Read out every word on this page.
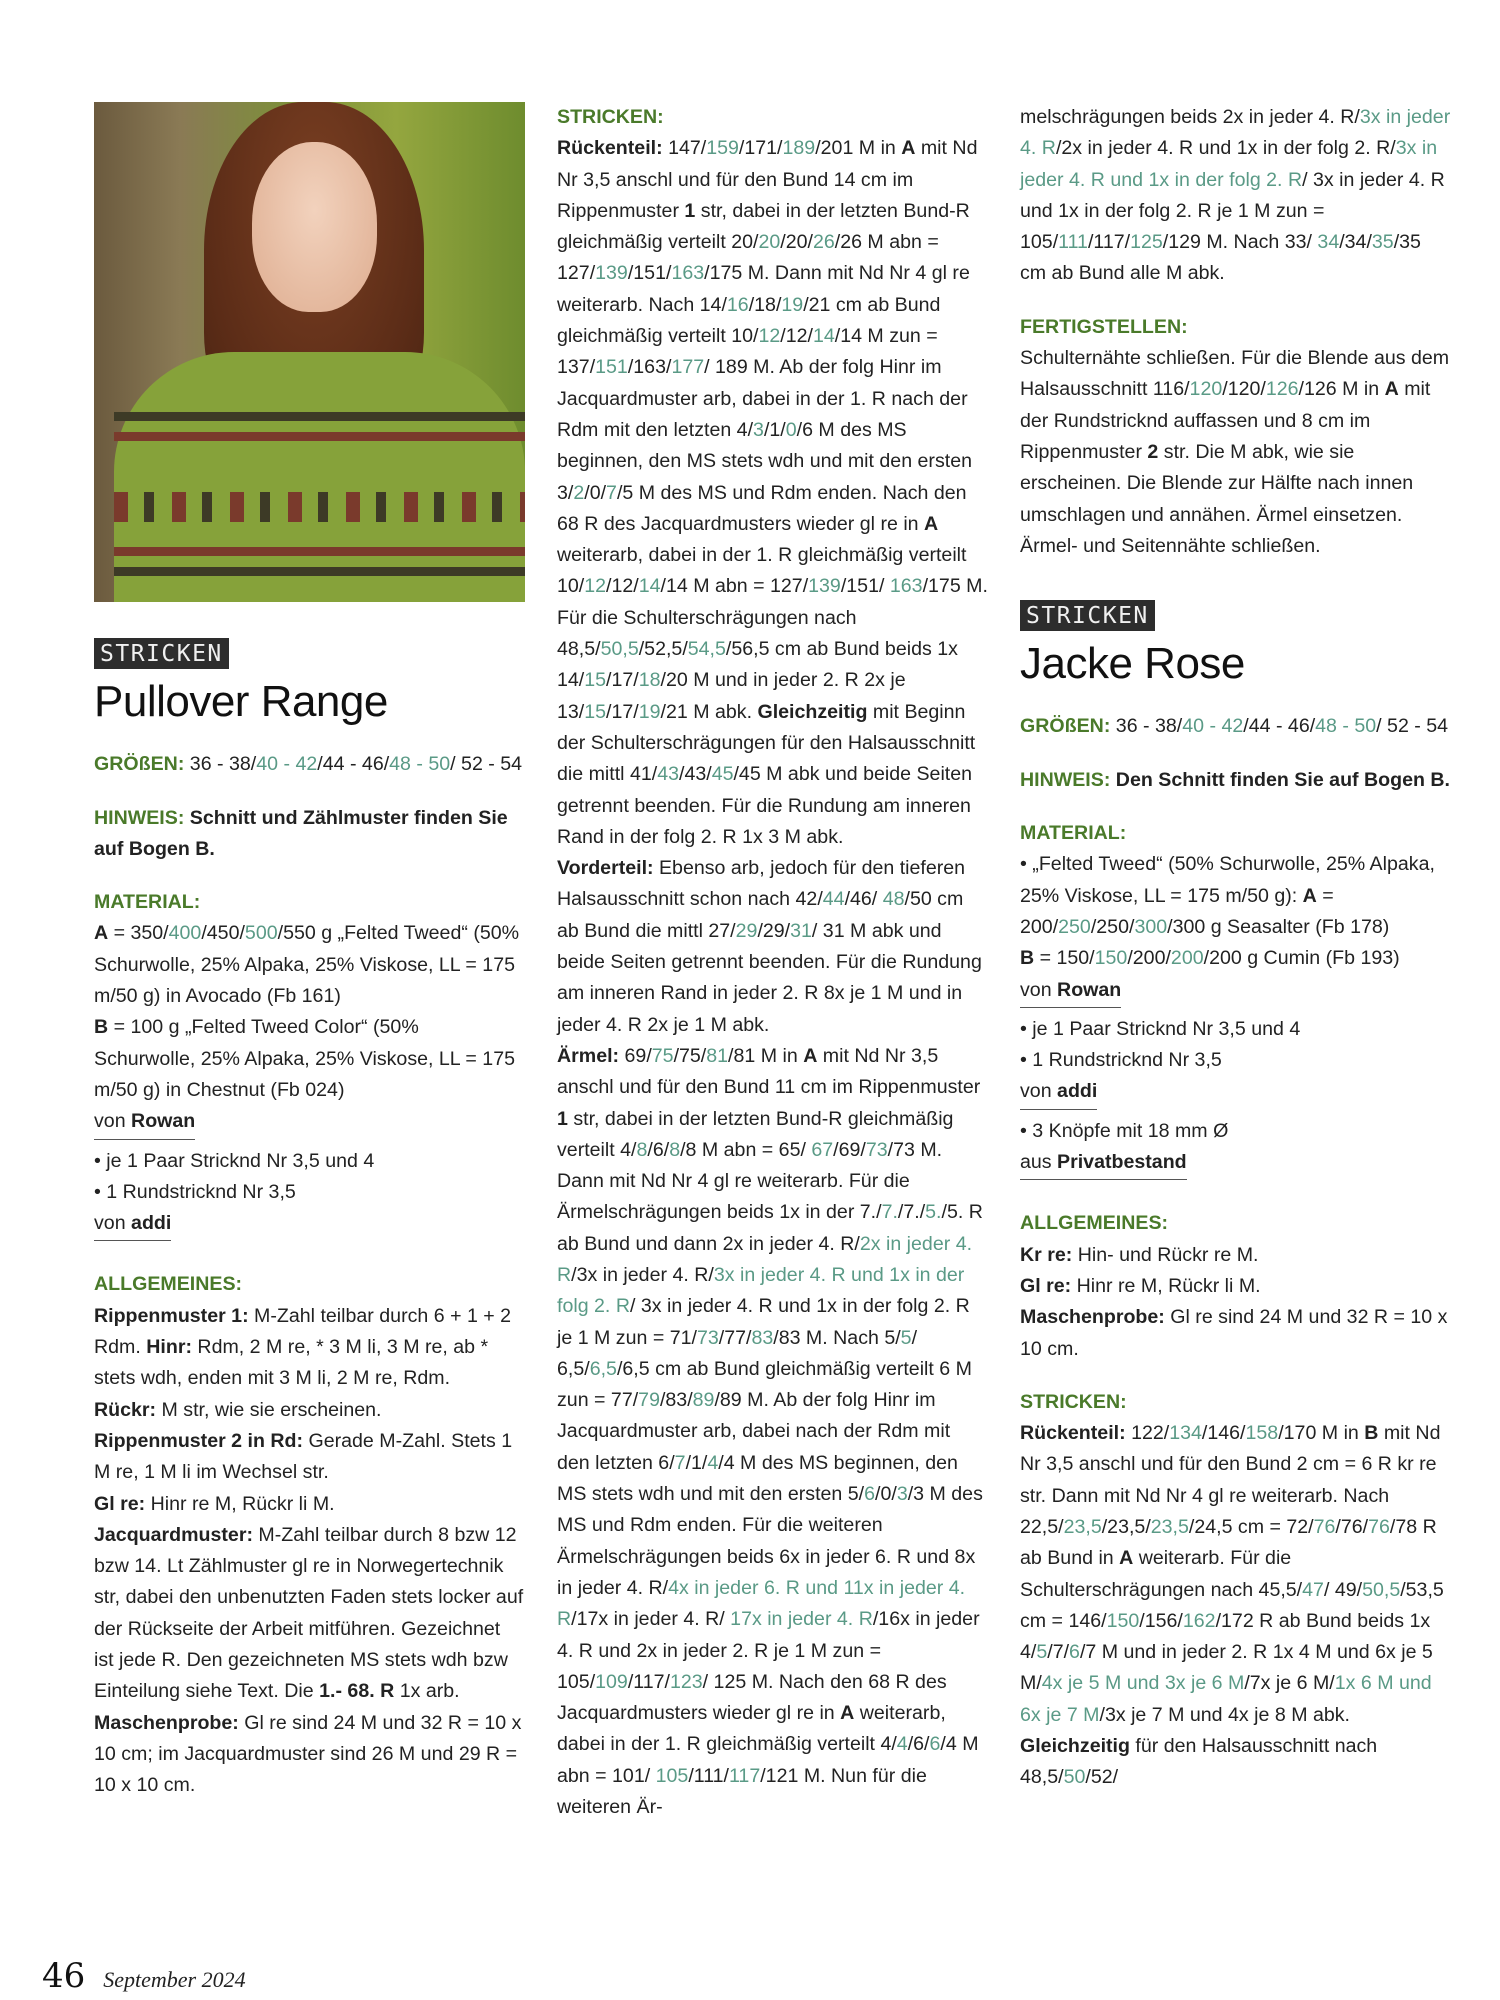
STRICKEN
Pullover Range

GRÖßEN: 36 - 38/40 - 42/44 - 46/48 - 50/ 52 - 54

HINWEIS: Schnitt und Zählmuster finden Sie auf Bogen B.

MATERIAL:

A = 350/400/450/500/550 g „Felted Tweed“ (50% Schurwolle, 25% Alpaka, 25% Viskose, LL = 175 m/50 g) in Avocado (Fb 161)

B = 100 g „Felted Tweed Color“ (50% Schurwolle, 25% Alpaka, 25% Viskose, LL = 175 m/50 g) in Chestnut (Fb 024)

von Rowan

• je 1 Paar Stricknd Nr 3,5 und 4

• 1 Rundstricknd Nr 3,5

von addi

ALLGEMEINES:

Rippenmuster 1: M-Zahl teilbar durch 6 + 1 + 2 Rdm. Hinr: Rdm, 2 M re, * 3 M li, 3 M re, ab * stets wdh, enden mit 3 M li, 2 M re, Rdm.

Rückr: M str, wie sie erscheinen.

Rippenmuster 2 in Rd: Gerade M-Zahl. Stets 1 M re, 1 M li im Wechsel str.

Gl re: Hinr re M, Rückr li M.

Jacquardmuster: M-Zahl teilbar durch 8 bzw 12 bzw 14. Lt Zählmuster gl re in Norwegertechnik str, dabei den unbenutzten Faden stets locker auf der Rückseite der Arbeit mitführen. Gezeichnet ist jede R. Den gezeichneten MS stets wdh bzw Einteilung siehe Text. Die 1.- 68. R 1x arb.

Maschenprobe: Gl re sind 24 M und 32 R = 10 x 10 cm; im Jacquardmuster sind 26 M und 29 R = 10 x 10 cm.

STRICKEN:

Rückenteil: 147/159/171/189/201 M in A mit Nd Nr 3,5 anschl und für den Bund 14 cm im Rippenmuster 1 str, dabei in der letzten Bund-R gleichmäßig verteilt 20/20/20/26/26 M abn = 127/139/151/163/175 M. Dann mit Nd Nr 4 gl re weiterarb. Nach 14/16/18/19/21 cm ab Bund gleichmäßig verteilt 10/12/12/14/14 M zun = 137/151/163/177/ 189 M. Ab der folg Hinr im Jacquardmuster arb, dabei in der 1. R nach der Rdm mit den letzten 4/3/1/0/6 M des MS beginnen, den MS stets wdh und mit den ersten 3/2/0/7/5 M des MS und Rdm enden. Nach den 68 R des Jacquardmusters wieder gl re in A weiterarb, dabei in der 1. R gleichmäßig verteilt 10/12/12/14/14 M abn = 127/139/151/ 163/175 M. Für die Schulterschrägungen nach 48,5/50,5/52,5/54,5/56,5 cm ab Bund beids 1x 14/15/17/18/20 M und in jeder 2. R 2x je 13/15/17/19/21 M abk. Gleichzeitig mit Beginn der Schulterschrägungen für den Halsausschnitt die mittl 41/43/43/45/45 M abk und beide Seiten getrennt beenden. Für die Rundung am inneren Rand in der folg 2. R 1x 3 M abk.

Vorderteil: Ebenso arb, jedoch für den tieferen Halsausschnitt schon nach 42/44/46/ 48/50 cm ab Bund die mittl 27/29/29/31/ 31 M abk und beide Seiten getrennt beenden. Für die Rundung am inneren Rand in jeder 2. R 8x je 1 M und in jeder 4. R 2x je 1 M abk.

Ärmel: 69/75/75/81/81 M in A mit Nd Nr 3,5 anschl und für den Bund 11 cm im Rippenmuster 1 str, dabei in der letzten Bund-R gleichmäßig verteilt 4/8/6/8/8 M abn = 65/ 67/69/73/73 M. Dann mit Nd Nr 4 gl re weiterarb. Für die Ärmelschrägungen beids 1x in der 7./7./7./5./5. R ab Bund und dann 2x in jeder 4. R/2x in jeder 4. R/3x in jeder 4. R/3x in jeder 4. R und 1x in der folg 2. R/ 3x in jeder 4. R und 1x in der folg 2. R je 1 M zun = 71/73/77/83/83 M. Nach 5/5/ 6,5/6,5/6,5 cm ab Bund gleichmäßig verteilt 6 M zun = 77/79/83/89/89 M. Ab der folg Hinr im Jacquardmuster arb, dabei nach der Rdm mit den letzten 6/7/1/4/4 M des MS beginnen, den MS stets wdh und mit den ersten 5/6/0/3/3 M des MS und Rdm enden. Für die weiteren Ärmelschrägungen beids 6x in jeder 6. R und 8x in jeder 4. R/4x in jeder 6. R und 11x in jeder 4. R/17x in jeder 4. R/ 17x in jeder 4. R/16x in jeder 4. R und 2x in jeder 2. R je 1 M zun = 105/109/117/123/ 125 M. Nach den 68 R des Jacquardmusters wieder gl re in A weiterarb, dabei in der 1. R gleichmäßig verteilt 4/4/6/6/4 M abn = 101/ 105/111/117/121 M. Nun für die weiteren Är-

melschrägungen beids 2x in jeder 4. R/3x in jeder 4. R/2x in jeder 4. R und 1x in der folg 2. R/3x in jeder 4. R und 1x in der folg 2. R/ 3x in jeder 4. R und 1x in der folg 2. R je 1 M zun = 105/111/117/125/129 M. Nach 33/ 34/34/35/35 cm ab Bund alle M abk.

FERTIGSTELLEN:

Schulternähte schließen. Für die Blende aus dem Halsausschnitt 116/120/120/126/126 M in A mit der Rundstricknd auffassen und 8 cm im Rippenmuster 2 str. Die M abk, wie sie erscheinen. Die Blende zur Hälfte nach innen umschlagen und annähen. Ärmel einsetzen. Ärmel- und Seitennähte schließen.

STRICKEN
Jacke Rose

GRÖßEN: 36 - 38/40 - 42/44 - 46/48 - 50/ 52 - 54

HINWEIS: Den Schnitt finden Sie auf Bogen B.

MATERIAL:

• „Felted Tweed“ (50% Schurwolle, 25% Alpaka, 25% Viskose, LL = 175 m/50 g): A = 200/250/250/300/300 g Seasalter (Fb 178)

B = 150/150/200/200/200 g Cumin (Fb 193)

von Rowan

• je 1 Paar Stricknd Nr 3,5 und 4

• 1 Rundstricknd Nr 3,5

von addi

• 3 Knöpfe mit 18 mm Ø

aus Privatbestand

ALLGEMEINES:

Kr re: Hin- und Rückr re M.

Gl re: Hinr re M, Rückr li M.

Maschenprobe: Gl re sind 24 M und 32 R = 10 x 10 cm.

STRICKEN:

Rückenteil: 122/134/146/158/170 M in B mit Nd Nr 3,5 anschl und für den Bund 2 cm = 6 R kr re str. Dann mit Nd Nr 4 gl re weiterarb. Nach 22,5/23,5/23,5/23,5/24,5 cm = 72/76/76/76/78 R ab Bund in A weiterarb. Für die Schulterschrägungen nach 45,5/47/ 49/50,5/53,5 cm = 146/150/156/162/172 R ab Bund beids 1x 4/5/7/6/7 M und in jeder 2. R 1x 4 M und 6x je 5 M/4x je 5 M und 3x je 6 M/7x je 6 M/1x 6 M und 6x je 7 M/3x je 7 M und 4x je 8 M abk. Gleichzeitig für den Halsausschnitt nach 48,5/50/52/

46 September 2024
